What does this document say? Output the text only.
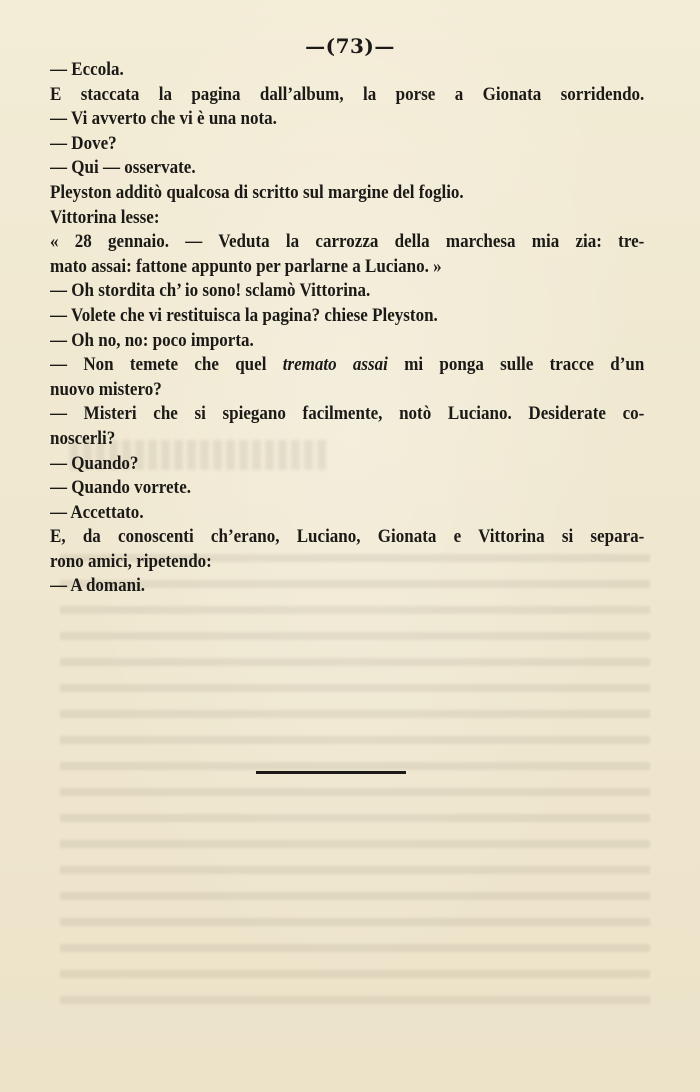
—(73)—
— Eccola.
E staccata la pagina dall’album, la porse a Gionata sorridendo.
— Vi avverto che vi è una nota.
— Dove?
— Qui — osservate.
Pleyston additò qualcosa di scritto sul margine del foglio.
Vittorina lesse:
« 28 gennaio. — Veduta la carrozza della marchesa mia zia: tre-
mato assai: fattone appunto per parlarne a Luciano. »
— Oh stordita ch’ io sono! sclamò Vittorina.
— Volete che vi restituisca la pagina? chiese Pleyston.
— Oh no, no: poco importa.
— Non temete che quel tremato assai mi ponga sulle tracce d’un
nuovo mistero?
— Misteri che si spiegano facilmente, notò Luciano. Desiderate co-
noscerli?
— Quando?
— Quando vorrete.
— Accettato.
E, da conoscenti ch’erano, Luciano, Gionata e Vittorina si separa-
rono amici, ripetendo:
— A domani.
